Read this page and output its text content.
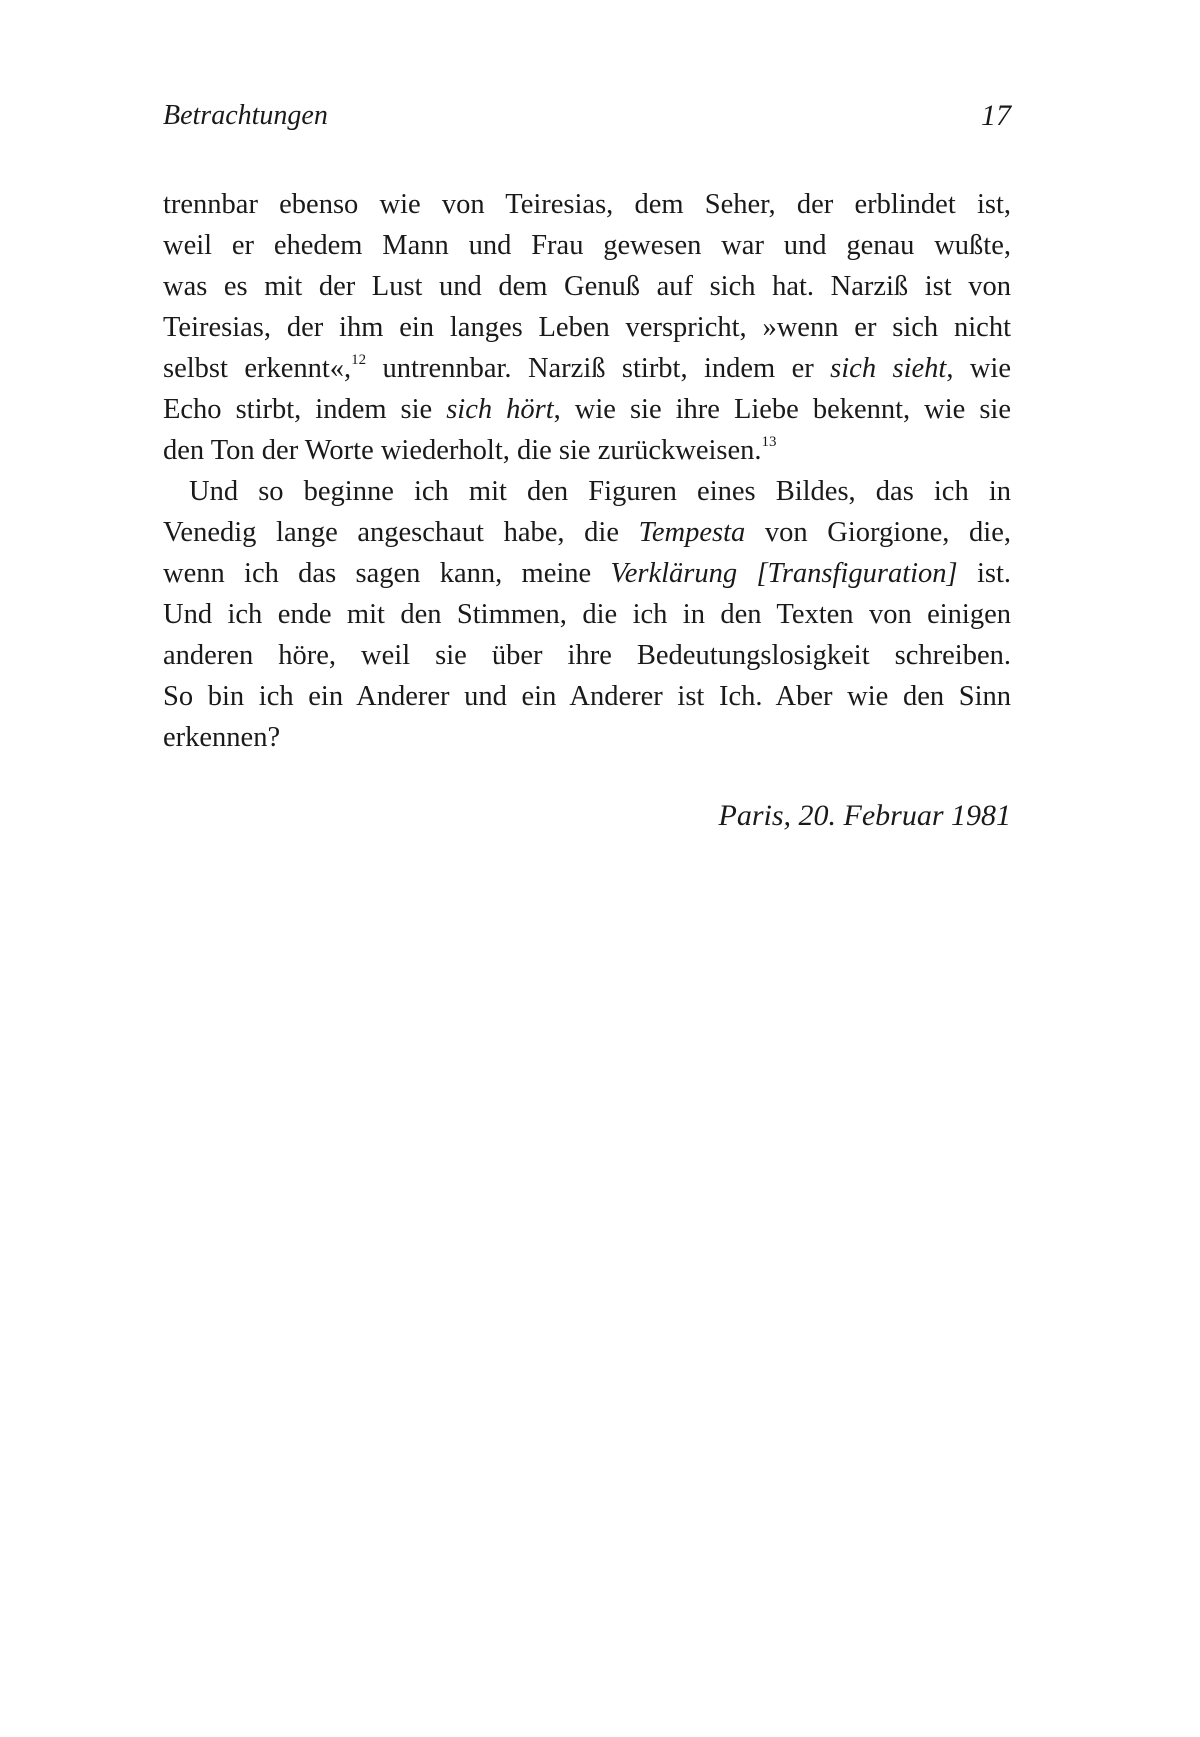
Betrachtungen	17
trennbar ebenso wie von Teiresias, dem Seher, der erblindet ist,
weil er ehedem Mann und Frau gewesen war und genau wußte,
was es mit der Lust und dem Genuß auf sich hat. Narziß ist von
Teiresias, der ihm ein langes Leben verspricht, »wenn er sich nicht
selbst erkennt«,$^{12}$ untrennbar. Narziß stirbt, indem er sich sieht, wie
Echo stirbt, indem sie sich hört, wie sie ihre Liebe bekennt, wie sie
den Ton der Worte wiederholt, die sie zurückweisen.$^{13}$
Und so beginne ich mit den Figuren eines Bildes, das ich in
Venedig lange angeschaut habe, die Tempesta von Giorgione, die,
wenn ich das sagen kann, meine Verklärung [Transfiguration] ist.
Und ich ende mit den Stimmen, die ich in den Texten von einigen
anderen höre, weil sie über ihre Bedeutungslosigkeit schreiben.
So bin ich ein Anderer und ein Anderer ist Ich. Aber wie den Sinn
erkennen?
Paris, 20. Februar 1981
